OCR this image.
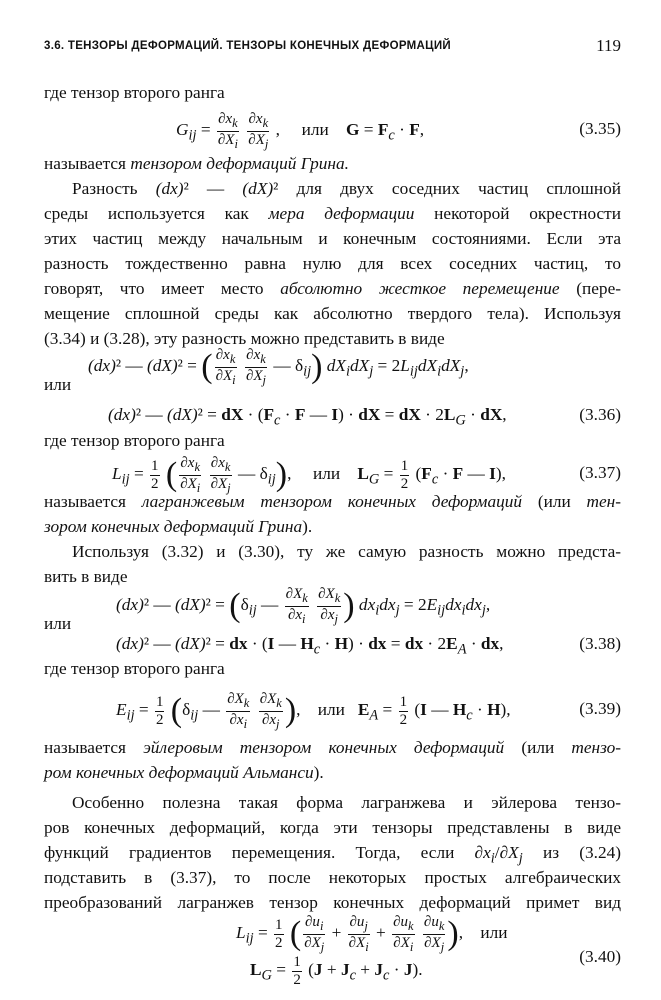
3.6. ТЕНЗОРЫ ДЕФОРМАЦИЙ. ТЕНЗОРЫ КОНЕЧНЫХ ДЕФОРМАЦИЙ	119
где тензор второго ранга
$G_{ij} = \frac{\partial x_k}{\partial X_i}$
$\frac{\partial x_k}{\partial X_j}$ ,     или $G = F_c \cdot F$,	(3.35)
называется тензором деформаций Грина.
Разность (dx)² — (dX)² для двух соседних частиц сплошной
среды используется как мера деформации некоторой окрестности
этих частиц между начальным и конечным состояниями. Если эта
разность тождественно равна нулю для всех соседних частиц, то
говорят, что имеет место абсолютно жесткое перемещение (пере-
мещение сплошной среды как абсолютно твердого тела). Используя
(3.34) и (3.28), эту разность можно представить в виде
(dx)² — (dX)² = ( $\frac{\partial x_k}{\partial X_i}$
$\frac{\partial x_k}{\partial X_j}$ — $\delta_{ij}$) $dX_idX_j = 2L_{ij}dX_idX_j$,
или
(dx)² — (dX)² = dX · ($F_c \cdot F$ — I) · dX = dX · $2L_G$ · dX,	(3.36)
где тензор второго ранга
$L_{ij} = \frac{1}{2}$ ( $\frac{\partial x_k}{\partial X_i}$
$\frac{\partial x_k}{\partial X_j}$ — $\delta_{ij}$),     или $L_G = \frac{1}{2} (F_c \cdot F$ — I),	(3.37)
называется лагранжевым тензором конечных деформаций (или тен-
зором конечных деформаций Грина).
Используя (3.32) и (3.30), ту же самую разность можно предста-
вить в виде
(dx)² — $(dX)^2 = (\delta_{ij}$ — $\frac{\partial X_k}{\partial x_i}$
$\frac{\partial X_k}{\partial x_j}$ ) $dx_idx_j = 2E_{ij}dx_idx_j$,
или
(dx)² — (dX)² = dx · (I — $H_c \cdot H$) · dx = dx · $2E_A$ · dx,	(3.38)
где тензор второго ранга
$E_{ij} = \frac{1}{2} (\delta_{ij}$ — $\frac{\partial X_k}{\partial x_i}$
$\frac{\partial X_k}{\partial x_j}$ ),    или $E_A = \frac{1}{2} (I$ — $H_c \cdot H$),	(3.39)
называется эйлеровым тензором конечных деформаций (или тензо-
ром конечных деформаций Альманси).
Особенно полезна такая форма лагранжева и эйлерова тензо-
ров конечных деформаций, когда эти тензоры представлены в виде
функций градиентов перемещения. Тогда, если $\partial x_i/\partial X_j$ из (3.24)
подставить в (3.37), то после некоторых простых алгебраических
преобразований лагранжев тензор конечных деформаций примет вид
$L_{ij} = \frac{1}{2}$ ( $\frac{\partial u_i}{\partial X_j} + \frac{\partial u_j}{\partial X_i} + \frac{\partial u_k}{\partial X_i}$
$\frac{\partial u_k}{\partial X_j}$ ),    или
$L_G = \frac{1}{2} (J + J_c + J_c \cdot J)$.
(3.40)
